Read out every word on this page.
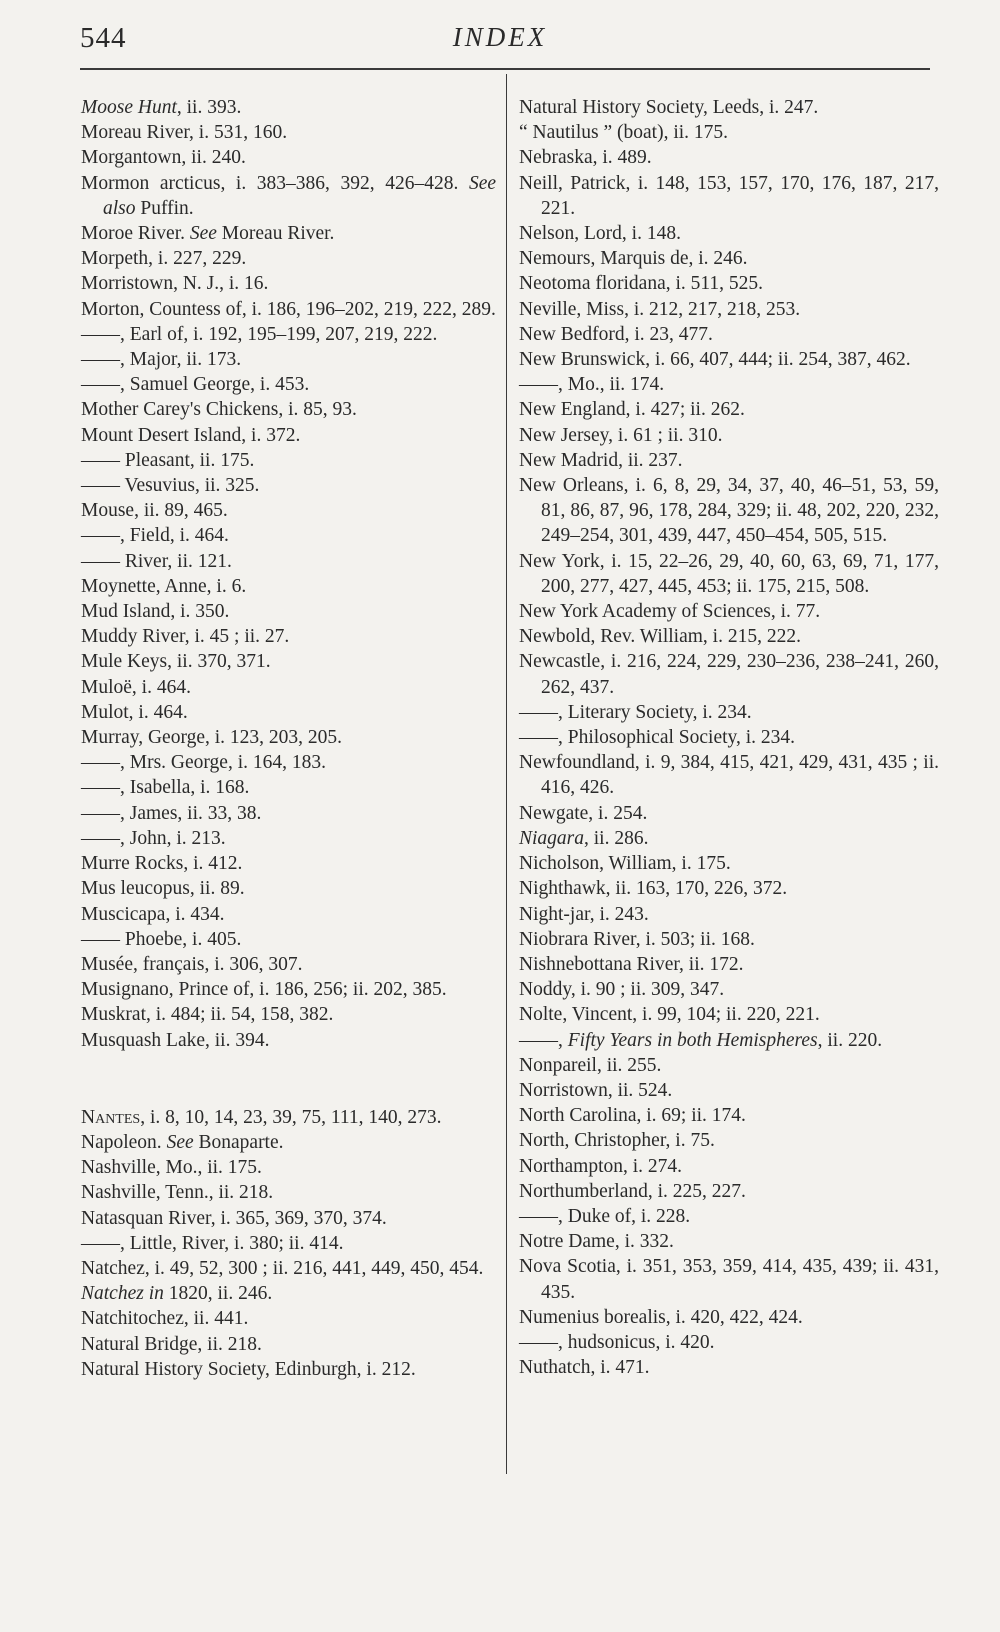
544	INDEX
Moose Hunt, ii. 393.
Moreau River, i. 531, 160.
Morgantown, ii. 240.
Mormon arcticus, i. 383–386, 392, 426–428. See also Puffin.
Moroe River. See Moreau River.
Morpeth, i. 227, 229.
Morristown, N. J., i. 16.
Morton, Countess of, i. 186, 196–202, 219, 222, 289.
——, Earl of, i. 192, 195–199, 207, 219, 222.
——, Major, ii. 173.
——, Samuel George, i. 453.
Mother Carey's Chickens, i. 85, 93.
Mount Desert Island, i. 372.
—— Pleasant, ii. 175.
—— Vesuvius, ii. 325.
Mouse, ii. 89, 465.
——, Field, i. 464.
—— River, ii. 121.
Moynette, Anne, i. 6.
Mud Island, i. 350.
Muddy River, i. 45 ; ii. 27.
Mule Keys, ii. 370, 371.
Muloë, i. 464.
Mulot, i. 464.
Murray, George, i. 123, 203, 205.
——, Mrs. George, i. 164, 183.
——, Isabella, i. 168.
——, James, ii. 33, 38.
——, John, i. 213.
Murre Rocks, i. 412.
Mus leucopus, ii. 89.
Muscicapa, i. 434.
—— Phoebe, i. 405.
Musée, français, i. 306, 307.
Musignano, Prince of, i. 186, 256; ii. 202, 385.
Muskrat, i. 484; ii. 54, 158, 382.
Musquash Lake, ii. 394.
Nantes, i. 8, 10, 14, 23, 39, 75, 111, 140, 273.
Napoleon. See Bonaparte.
Nashville, Mo., ii. 175.
Nashville, Tenn., ii. 218.
Natasquan River, i. 365, 369, 370, 374.
——, Little, River, i. 380; ii. 414.
Natchez, i. 49, 52, 300 ; ii. 216, 441, 449, 450, 454.
Natchez in 1820, ii. 246.
Natchitochez, ii. 441.
Natural Bridge, ii. 218.
Natural History Society, Edinburgh, i. 212.
Natural History Society, Leeds, i. 247.
“ Nautilus ” (boat), ii. 175.
Nebraska, i. 489.
Neill, Patrick, i. 148, 153, 157, 170, 176, 187, 217, 221.
Nelson, Lord, i. 148.
Nemours, Marquis de, i. 246.
Neotoma floridana, i. 511, 525.
Neville, Miss, i. 212, 217, 218, 253.
New Bedford, i. 23, 477.
New Brunswick, i. 66, 407, 444; ii. 254, 387, 462.
——, Mo., ii. 174.
New England, i. 427; ii. 262.
New Jersey, i. 61 ; ii. 310.
New Madrid, ii. 237.
New Orleans, i. 6, 8, 29, 34, 37, 40, 46–51, 53, 59, 81, 86, 87, 96, 178, 284, 329; ii. 48, 202, 220, 232, 249–254, 301, 439, 447, 450–454, 505, 515.
New York, i. 15, 22–26, 29, 40, 60, 63, 69, 71, 177, 200, 277, 427, 445, 453; ii. 175, 215, 508.
New York Academy of Sciences, i. 77.
Newbold, Rev. William, i. 215, 222.
Newcastle, i. 216, 224, 229, 230–236, 238–241, 260, 262, 437.
——, Literary Society, i. 234.
——, Philosophical Society, i. 234.
Newfoundland, i. 9, 384, 415, 421, 429, 431, 435 ; ii. 416, 426.
Newgate, i. 254.
Niagara, ii. 286.
Nicholson, William, i. 175.
Nighthawk, ii. 163, 170, 226, 372.
Night-jar, i. 243.
Niobrara River, i. 503; ii. 168.
Nishnebottana River, ii. 172.
Noddy, i. 90 ; ii. 309, 347.
Nolte, Vincent, i. 99, 104; ii. 220, 221.
——, Fifty Years in both Hemispheres, ii. 220.
Nonpareil, ii. 255.
Norristown, ii. 524.
North Carolina, i. 69; ii. 174.
North, Christopher, i. 75.
Northampton, i. 274.
Northumberland, i. 225, 227.
——, Duke of, i. 228.
Notre Dame, i. 332.
Nova Scotia, i. 351, 353, 359, 414, 435, 439; ii. 431, 435.
Numenius borealis, i. 420, 422, 424.
——, hudsonicus, i. 420.
Nuthatch, i. 471.
